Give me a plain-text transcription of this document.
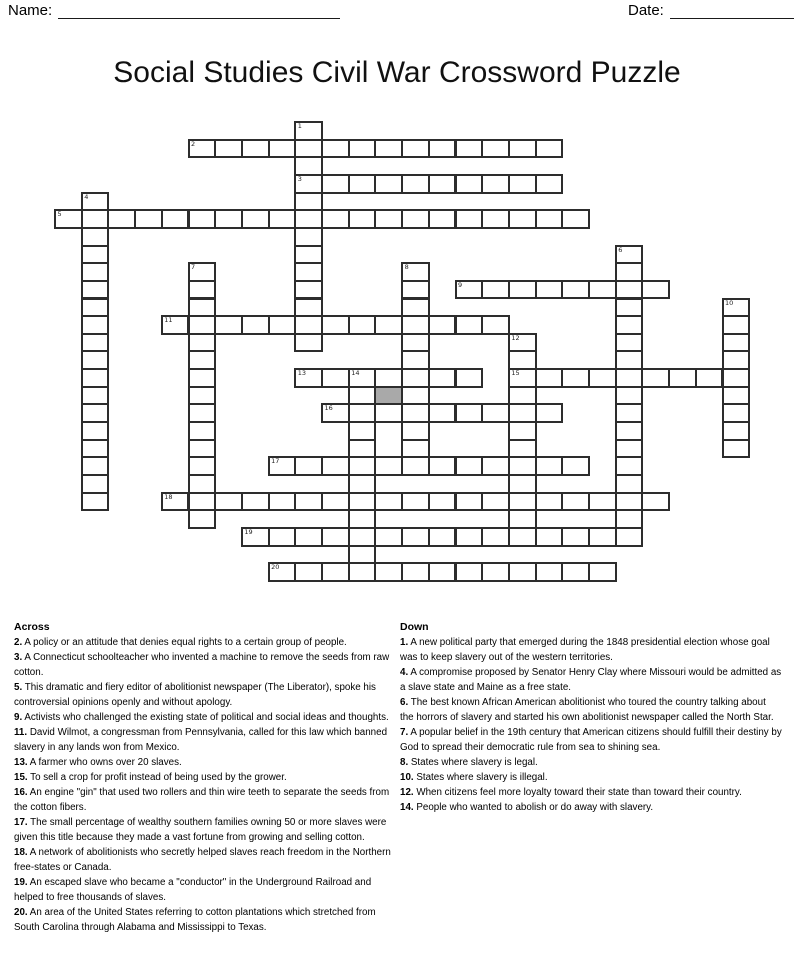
Name:	Date:
Social Studies Civil War Crossword Puzzle
1
2
3
4
5
6
7	8
9
10
11
12
13	14	15
16
17
18
19
20
Across
2. A policy or an attitude that denies equal rights to a certain group of people.
3. A Connecticut schoolteacher who invented a machine to remove the seeds from raw cotton.
5. This dramatic and fiery editor of abolitionist newspaper (The Liberator), spoke his controversial opinions openly and without apology.
9. Activists who challenged the existing state of political and social ideas and thoughts.
11. David Wilmot, a congressman from Pennsylvania, called for this law which banned slavery in any lands won from Mexico.
13. A farmer who owns over 20 slaves.
15. To sell a crop for profit instead of being used by the grower.
16. An engine "gin" that used two rollers and thin wire teeth to separate the seeds from the cotton fibers.
17. The small percentage of wealthy southern families owning 50 or more slaves were given this title because they made a vast fortune from growing and selling cotton.
18. A network of abolitionists who secretly helped slaves reach freedom in the Northern free-states or Canada.
19. An escaped slave who became a "conductor" in the Underground Railroad and helped to free thousands of slaves.
20. An area of the United States referring to cotton plantations which stretched from South Carolina through Alabama and Mississippi to Texas.
Down
1. A new political party that emerged during the 1848 presidential election whose goal was to keep slavery out of the western territories.
4. A compromise proposed by Senator Henry Clay where Missouri would be admitted as a slave state and Maine as a free state.
6. The best known African American abolitionist who toured the country talking about the horrors of slavery and started his own abolitionist newspaper called the North Star.
7. A popular belief in the 19th century that American citizens should fulfill their destiny by God to spread their democratic rule from sea to shining sea.
8. States where slavery is legal.
10. States where slavery is illegal.
12. When citizens feel more loyalty toward their state than toward their country.
14. People who wanted to abolish or do away with slavery.
